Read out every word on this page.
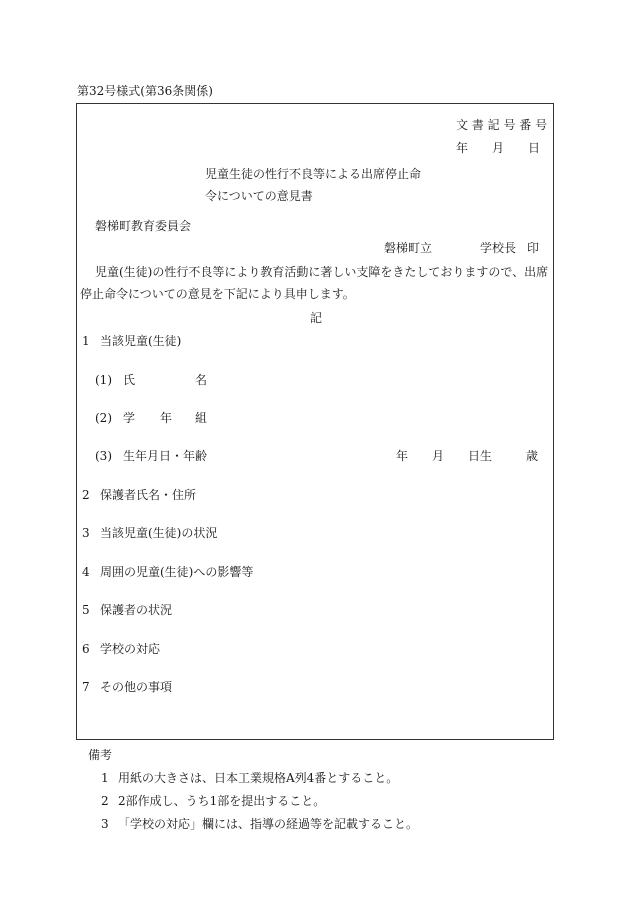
第32号様式(第36条関係)
文 書 記 号 番 号
年 月 日
児童生徒の性行不良等による出席停止命
令についての意見書
磐梯町教育委員会
磐梯町立	学校長 印
児童(生徒)の性行不良等により教育活動に著しい支障をきたしておりますので、出席
停止命令についての意見を下記により具申します。
記
1 当該児童(生徒)
(1) 氏	名
(2) 学 年 組
(3) 生年月日・年齢	年 月 日生	歳
2 保護者氏名・住所
3 当該児童(生徒)の状況
4 周囲の児童(生徒)への影響等
5 保護者の状況
6 学校の対応
7 その他の事項
備考
1 用紙の大きさは、日本工業規格A列4番とすること。
2 2部作成し、うち1部を提出すること。
3 「学校の対応」欄には、指導の経過等を記載すること。
